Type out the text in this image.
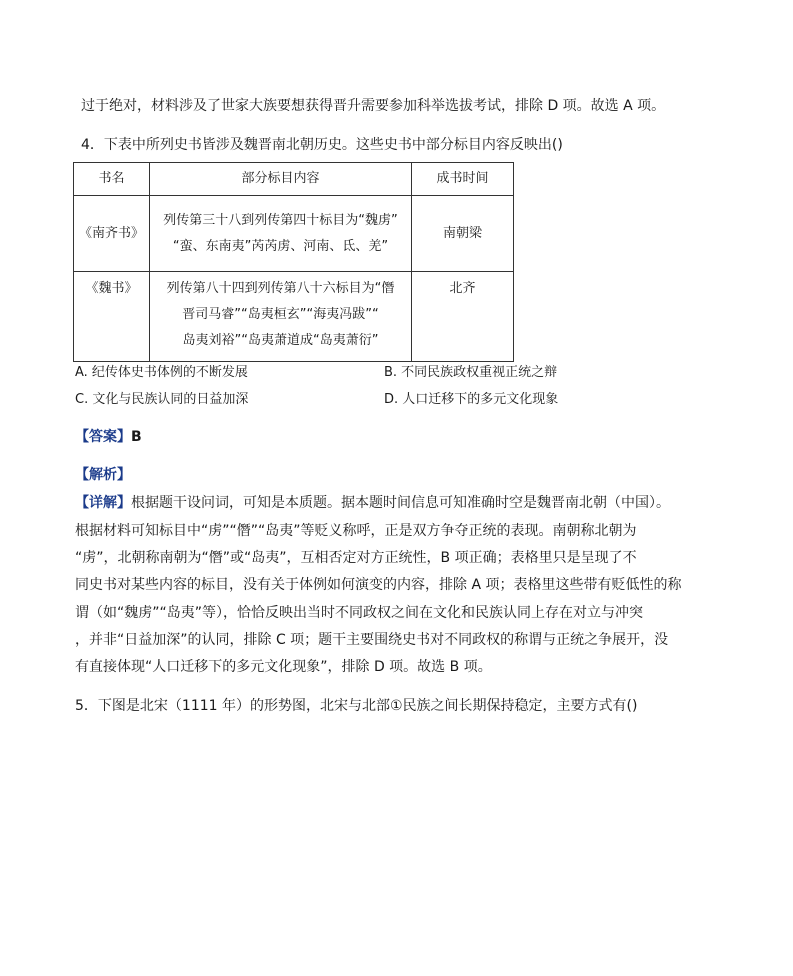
过于绝对，材料涉及了世家大族要想获得晋升需要参加科举选拔考试，排除 D 项。故选 A 项。
4．下表中所列史书皆涉及魏晋南北朝历史。这些史书中部分标目内容反映出()
书名	部分标目内容	成书时间
《南齐书》	列传第三十八到列传第四十标目为“魏虏”
“蛮、东南夷”芮芮虏、河南、氐、羌”	南朝梁
《魏书》	列传第八十四到列传第八十六标目为“僭
晋司马睿”“岛夷桓玄”“海夷冯跋”“
岛夷刘裕”“岛夷萧道成“岛夷萧衍”	北齐
A. 纪传体史书体例的不断发展	B. 不同民族政权重视正统之辩
C. 文化与民族认同的日益加深	D. 人口迁移下的多元文化现象
【答案】B
【解析】
【详解】根据题干设问词，可知是本质题。据本题时间信息可知准确时空是魏晋南北朝（中国）。
根据材料可知标目中“虏”“僭”“岛夷”等贬义称呼，正是双方争夺正统的表现。南朝称北朝为
“虏”，北朝称南朝为“僭”或“岛夷”，互相否定对方正统性，B 项正确；表格里只是呈现了不
同史书对某些内容的标目，没有关于体例如何演变的内容，排除 A 项；表格里这些带有贬低性的称
谓（如“魏虏”“岛夷”等），恰恰反映出当时不同政权之间在文化和民族认同上存在对立与冲突
，并非“日益加深”的认同，排除 C 项；题干主要围绕史书对不同政权的称谓与正统之争展开，没
有直接体现“人口迁移下的多元文化现象”，排除 D 项。故选 B 项。
5．下图是北宋（1111 年）的形势图，北宋与北部①民族之间长期保持稳定，主要方式有()
